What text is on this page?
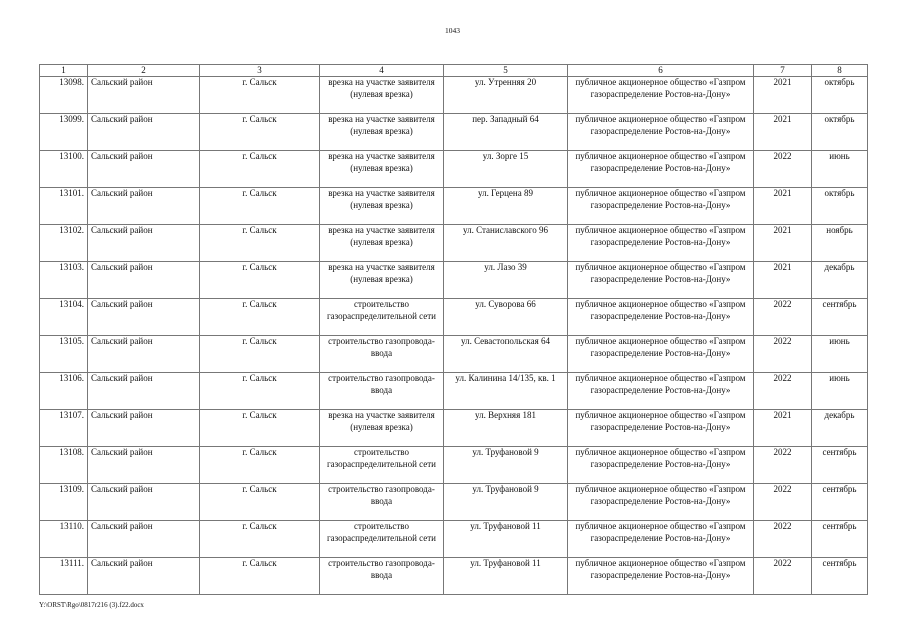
1043
1	2	3	4	5	6	7	8
13098.	Сальский район	г. Сальск	врезка на участке заявителя (нулевая врезка)	ул. Утренняя 20	публичное акционерное общество «Газпром газораспределение Ростов-на-Дону»	2021	октябрь
13099.	Сальский район	г. Сальск	врезка на участке заявителя (нулевая врезка)	пер. Западный 64	публичное акционерное общество «Газпром газораспределение Ростов-на-Дону»	2021	октябрь
13100.	Сальский район	г. Сальск	врезка на участке заявителя (нулевая врезка)	ул. Зорге 15	публичное акционерное общество «Газпром газораспределение Ростов-на-Дону»	2022	июнь
13101.	Сальский район	г. Сальск	врезка на участке заявителя (нулевая врезка)	ул. Герцена 89	публичное акционерное общество «Газпром газораспределение Ростов-на-Дону»	2021	октябрь
13102.	Сальский район	г. Сальск	врезка на участке заявителя (нулевая врезка)	ул. Станиславского 96	публичное акционерное общество «Газпром газораспределение Ростов-на-Дону»	2021	ноябрь
13103.	Сальский район	г. Сальск	врезка на участке заявителя (нулевая врезка)	ул. Лазо 39	публичное акционерное общество «Газпром газораспределение Ростов-на-Дону»	2021	декабрь
13104.	Сальский район	г. Сальск	строительство газораспределительной сети	ул. Суворова 66	публичное акционерное общество «Газпром газораспределение Ростов-на-Дону»	2022	сентябрь
13105.	Сальский район	г. Сальск	строительство газопровода-ввода	ул. Севастопольская 64	публичное акционерное общество «Газпром газораспределение Ростов-на-Дону»	2022	июнь
13106.	Сальский район	г. Сальск	строительство газопровода-ввода	ул. Калинина 14/135, кв. 1	публичное акционерное общество «Газпром газораспределение Ростов-на-Дону»	2022	июнь
13107.	Сальский район	г. Сальск	врезка на участке заявителя (нулевая врезка)	ул. Верхняя 181	публичное акционерное общество «Газпром газораспределение Ростов-на-Дону»	2021	декабрь
13108.	Сальский район	г. Сальск	строительство газораспределительной сети	ул. Труфановой 9	публичное акционерное общество «Газпром газораспределение Ростов-на-Дону»	2022	сентябрь
13109.	Сальский район	г. Сальск	строительство газопровода-ввода	ул. Труфановой 9	публичное акционерное общество «Газпром газораспределение Ростов-на-Дону»	2022	сентябрь
13110.	Сальский район	г. Сальск	строительство газораспределительной сети	ул. Труфановой 11	публичное акционерное общество «Газпром газораспределение Ростов-на-Дону»	2022	сентябрь
13111.	Сальский район	г. Сальск	строительство газопровода-ввода	ул. Труфановой 11	публичное акционерное общество «Газпром газораспределение Ростов-на-Дону»	2022	сентябрь
Y:\ORST\Rgo\0817r216 (3).f22.docx
